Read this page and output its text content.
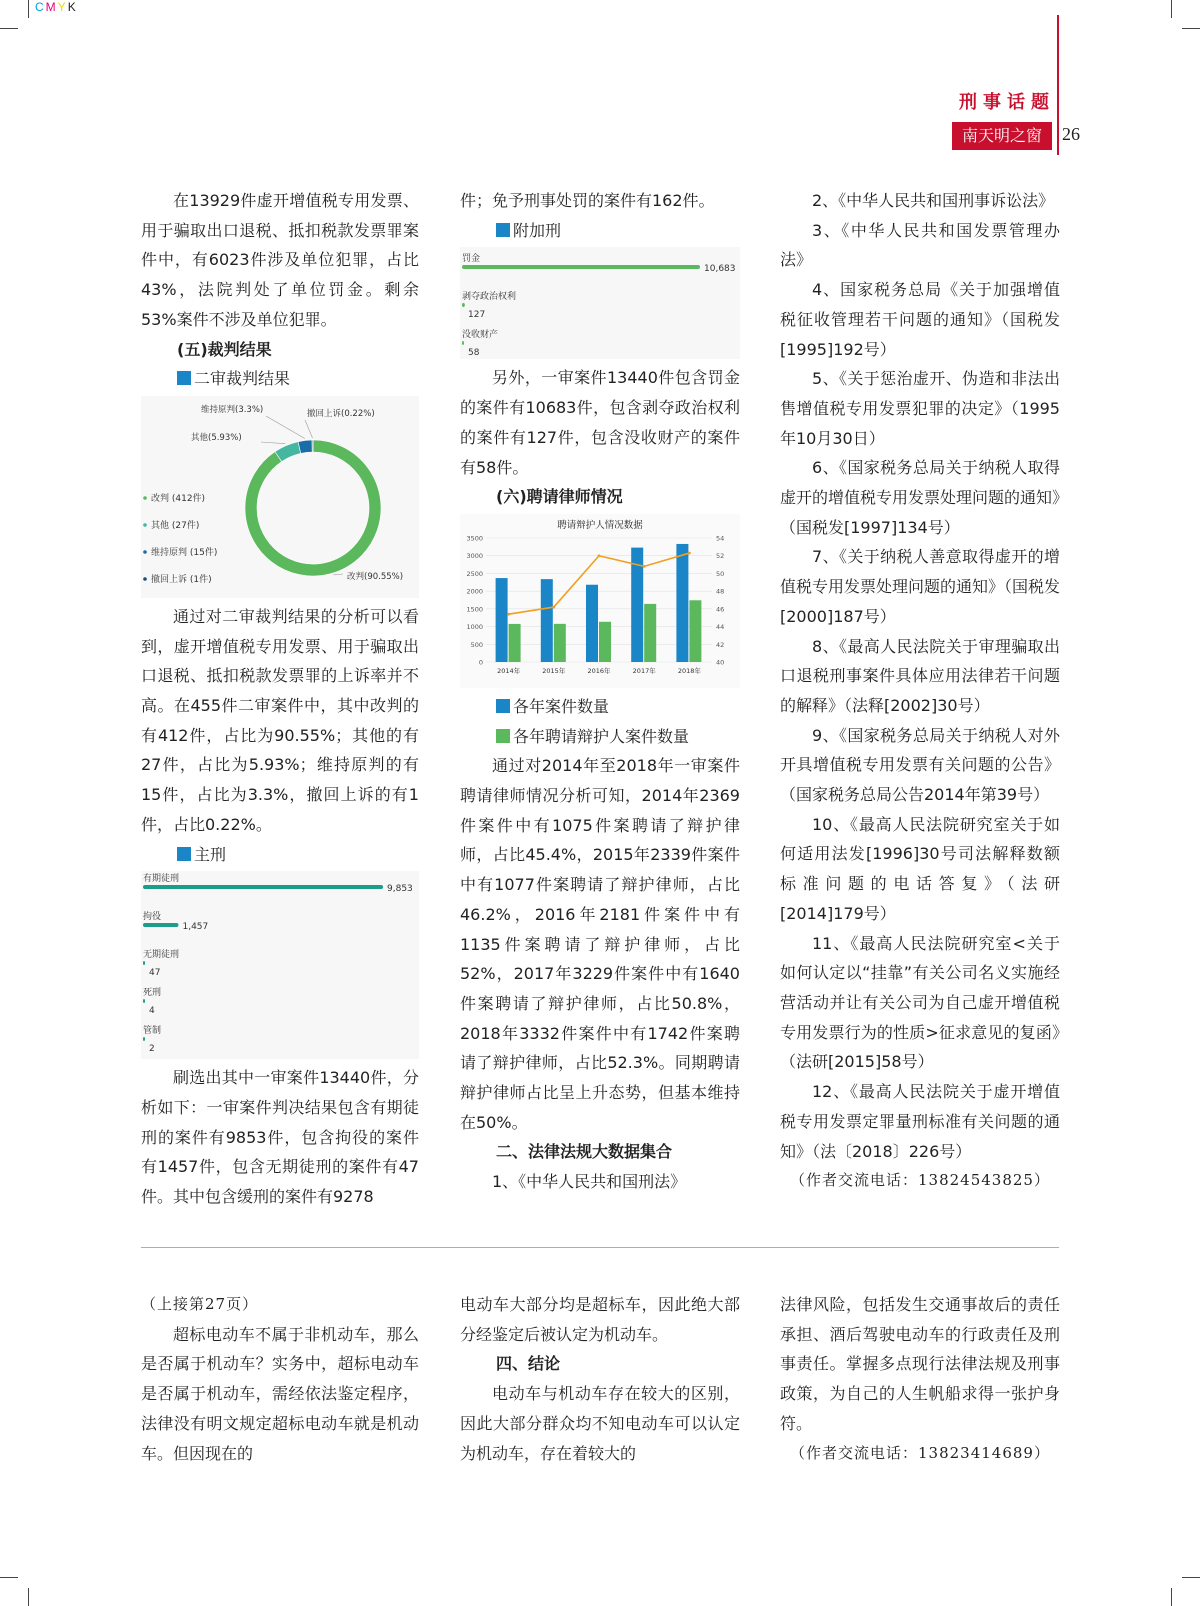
CMYK
刑事话题
南天明之窗	26

在13929件虚开增值税专用发票、用于骗取出口退税、抵扣税款发票罪案件中，有6023件涉及单位犯罪，占比43%，法院判处了单位罚金。剩余53%案件不涉及单位犯罪。

(五)裁判结果

二审裁判结果

改判(90.55%)
其他(5.93%)
维持原判(3.3%)	撤回上诉(0.22%)
改判 (412件)
其他 (27件)
维持原判 (15件)
撤回上诉 (1件)

通过对二审裁判结果的分析可以看到，虚开增值税专用发票、用于骗取出口退税、抵扣税款发票罪的上诉率并不高。在455件二审案件中，其中改判的有412件，占比为90.55%；其他的有27件，占比为5.93%；维持原判的有15件，占比为3.3%，撤回上诉的有1件，占比0.22%。

主刑

有期徒刑
9,853
拘役
1,457
无期徒刑
47
死刑
4
管制
2

刷选出其中一审案件13440件，分析如下：一审案件判决结果包含有期徒刑的案件有9853件，包含拘役的案件有1457件，包含无期徒刑的案件有47件。其中包含缓刑的案件有9278

件；免予刑事处罚的案件有162件。

附加刑

罚金
10,683
剥夺政治权利
127
没收财产
58

另外，一审案件13440件包含罚金的案件有10683件，包含剥夺政治权利的案件有127件，包含没收财产的案件有58件。

(六)聘请律师情况

聘请辩护人情况数据
0
500
1000
1500
2000
2500
3000
3500
40
42
44
46
48
50
52
54
2014年	2015年	2016年	2017年	2018年

各年案件数量

各年聘请辩护人案件数量

通过对2014年至2018年一审案件聘请律师情况分析可知，2014年2369件案件中有1075件案聘请了辩护律师，占比45.4%，2015年2339件案件中有1077件案聘请了辩护律师，占比46.2%，2016年2181件案件中有1135件案聘请了辩护律师，占比52%，2017年3229件案件中有1640件案聘请了辩护律师，占比50.8%，2018年3332件案件中有1742件案聘请了辩护律师，占比52.3%。同期聘请辩护律师占比呈上升态势，但基本维持在50%。

二、法律法规大数据集合

1、《中华人民共和国刑法》

2、《中华人民共和国刑事诉讼法》

3、《中华人民共和国发票管理办法》

4、国家税务总局《关于加强增值税征收管理若干问题的通知》（国税发[1995]192号）

5、《关于惩治虚开、伪造和非法出售增值税专用发票犯罪的决定》（1995年10月30日）

6、《国家税务总局关于纳税人取得虚开的增值税专用发票处理问题的通知》（国税发[1997]134号）

7、《关于纳税人善意取得虚开的增值税专用发票处理问题的通知》（国税发[2000]187号）

8、《最高人民法院关于审理骗取出口退税刑事案件具体应用法律若干问题的解释》（法释[2002]30号）

9、《国家税务总局关于纳税人对外开具增值税专用发票有关问题的公告》（国家税务总局公告2014年第39号）

10、《最高人民法院研究室关于如何适用法发[1996]30号司法解释数额标准问题的电话答复》（法研[2014]179号）

11、《最高人民法院研究室<关于如何认定以“挂靠”有关公司名义实施经营活动并让有关公司为自己虚开增值税专用发票行为的性质>征求意见的复函》（法研[2015]58号）

12、《最高人民法院关于虚开增值税专用发票定罪量刑标准有关问题的通知》（法〔2018〕226号）

（作者交流电话：13824543825）

（上接第27页）

超标电动车不属于非机动车，那么是否属于机动车？实务中，超标电动车是否属于机动车，需经依法鉴定程序，法律没有明文规定超标电动车就是机动车。但因现在的

电动车大部分均是超标车，因此绝大部分经鉴定后被认定为机动车。

四、结论

电动车与机动车存在较大的区别，因此大部分群众均不知电动车可以认定为机动车，存在着较大的

法律风险，包括发生交通事故后的责任承担、酒后驾驶电动车的行政责任及刑事责任。掌握多点现行法律法规及刑事政策，为自己的人生帆船求得一张护身符。

（作者交流电话：13823414689）
